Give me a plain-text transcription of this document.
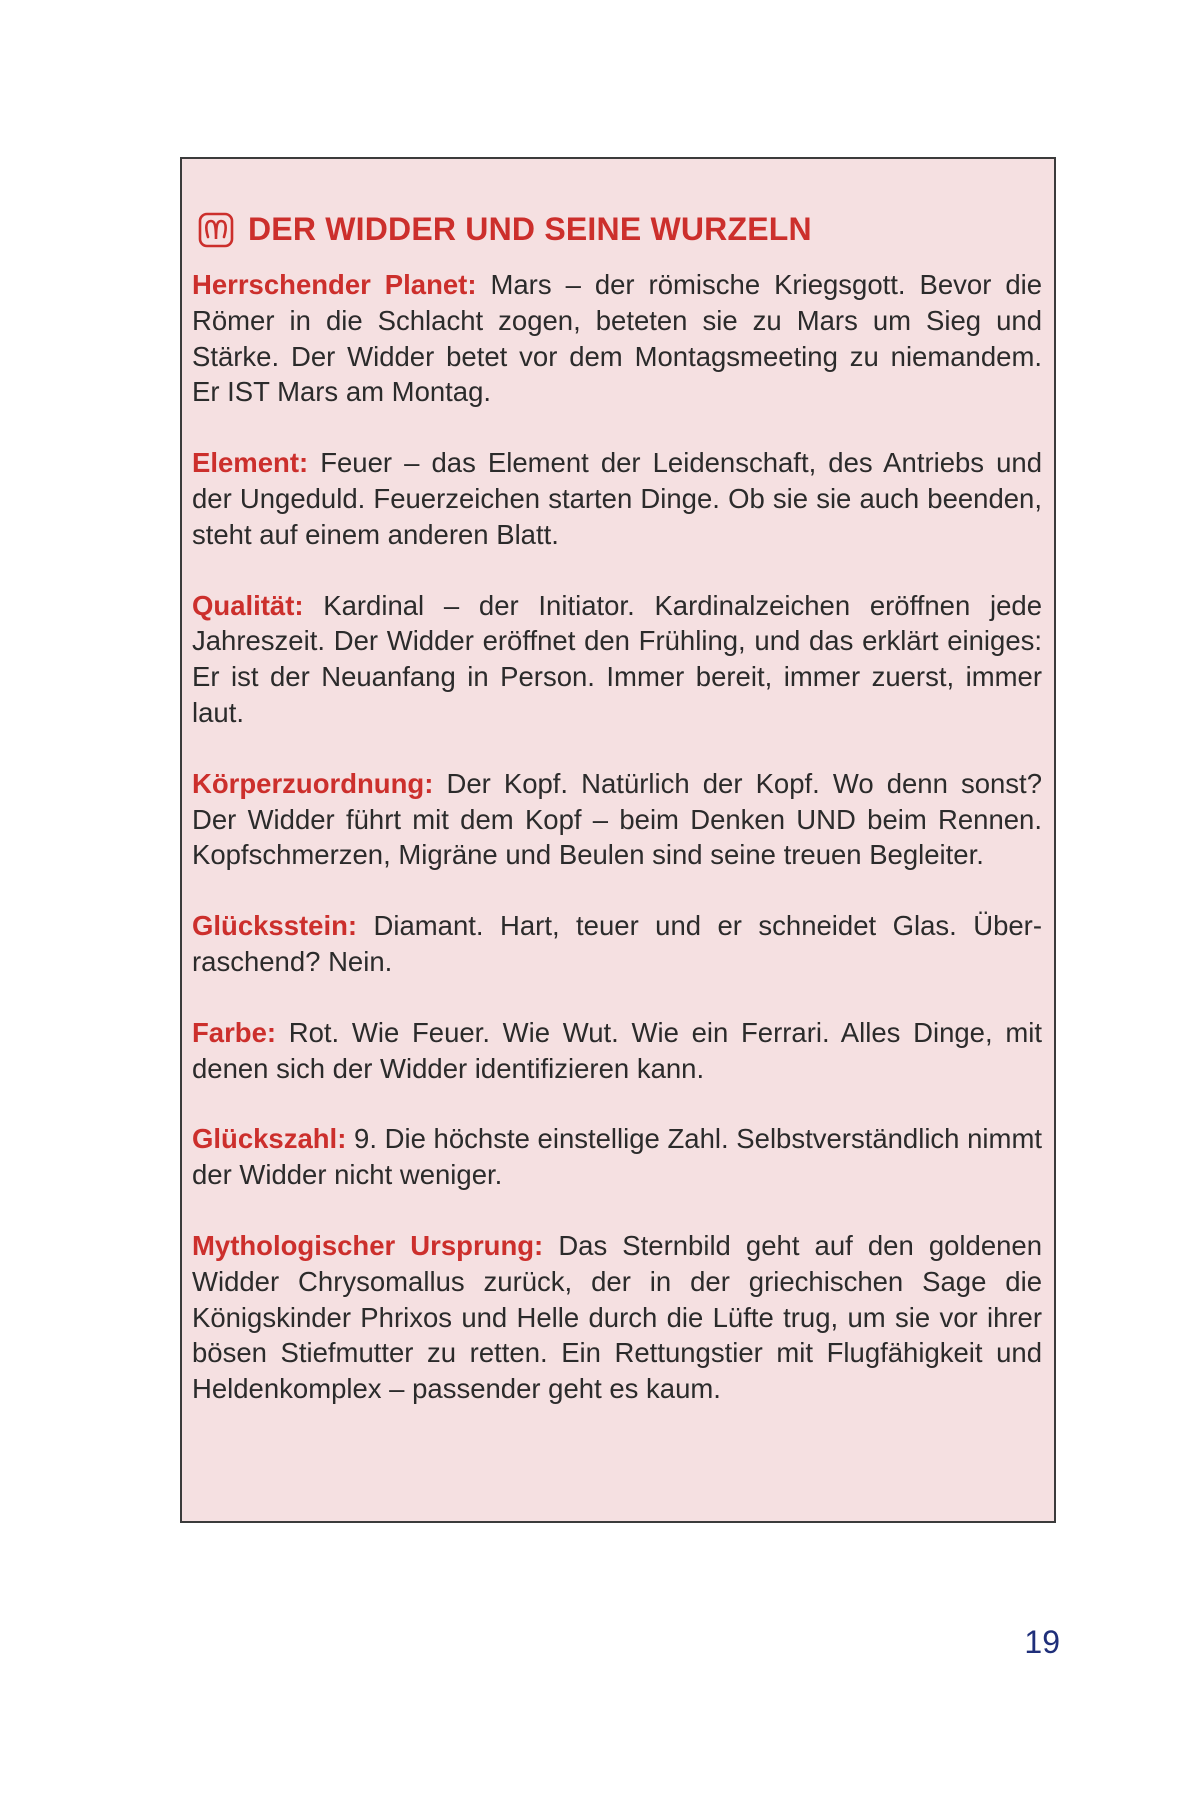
DER WIDDER UND SEINE WURZELN

Herrschender Planet: Mars – der römische Kriegsgott. Bevor die Römer in die Schlacht zogen, beteten sie zu Mars um Sieg und Stärke. Der Widder betet vor dem Montagsmeeting zu niemandem. Er IST Mars am Montag.

Element: Feuer – das Element der Leidenschaft, des Antriebs und der Ungeduld. Feuerzeichen starten Dinge. Ob sie sie auch beenden, steht auf einem anderen Blatt.

Qualität: Kardinal – der Initiator. Kardinalzeichen eröffnen jede Jahreszeit. Der Widder eröffnet den Frühling, und das erklärt einiges: Er ist der Neuanfang in Person. Immer bereit, immer zuerst, immer laut.

Körperzuordnung: Der Kopf. Natürlich der Kopf. Wo denn sonst? Der Widder führt mit dem Kopf – beim Denken UND beim Rennen. Kopfschmerzen, Migräne und Beulen sind seine treuen Begleiter.

Glücksstein: Diamant. Hart, teuer und er schneidet Glas. Überraschend? Nein.

Farbe: Rot. Wie Feuer. Wie Wut. Wie ein Ferrari. Alles Dinge, mit denen sich der Widder identifizieren kann.

Glückszahl: 9. Die höchste einstellige Zahl. Selbstverständlich nimmt der Widder nicht weniger.

Mythologischer Ursprung: Das Sternbild geht auf den goldenen Widder Chrysomallus zurück, der in der griechischen Sage die Königskinder Phrixos und Helle durch die Lüfte trug, um sie vor ihrer bösen Stiefmutter zu retten. Ein Rettungstier mit Flugfähigkeit und Heldenkomplex – passender geht es kaum.

19
